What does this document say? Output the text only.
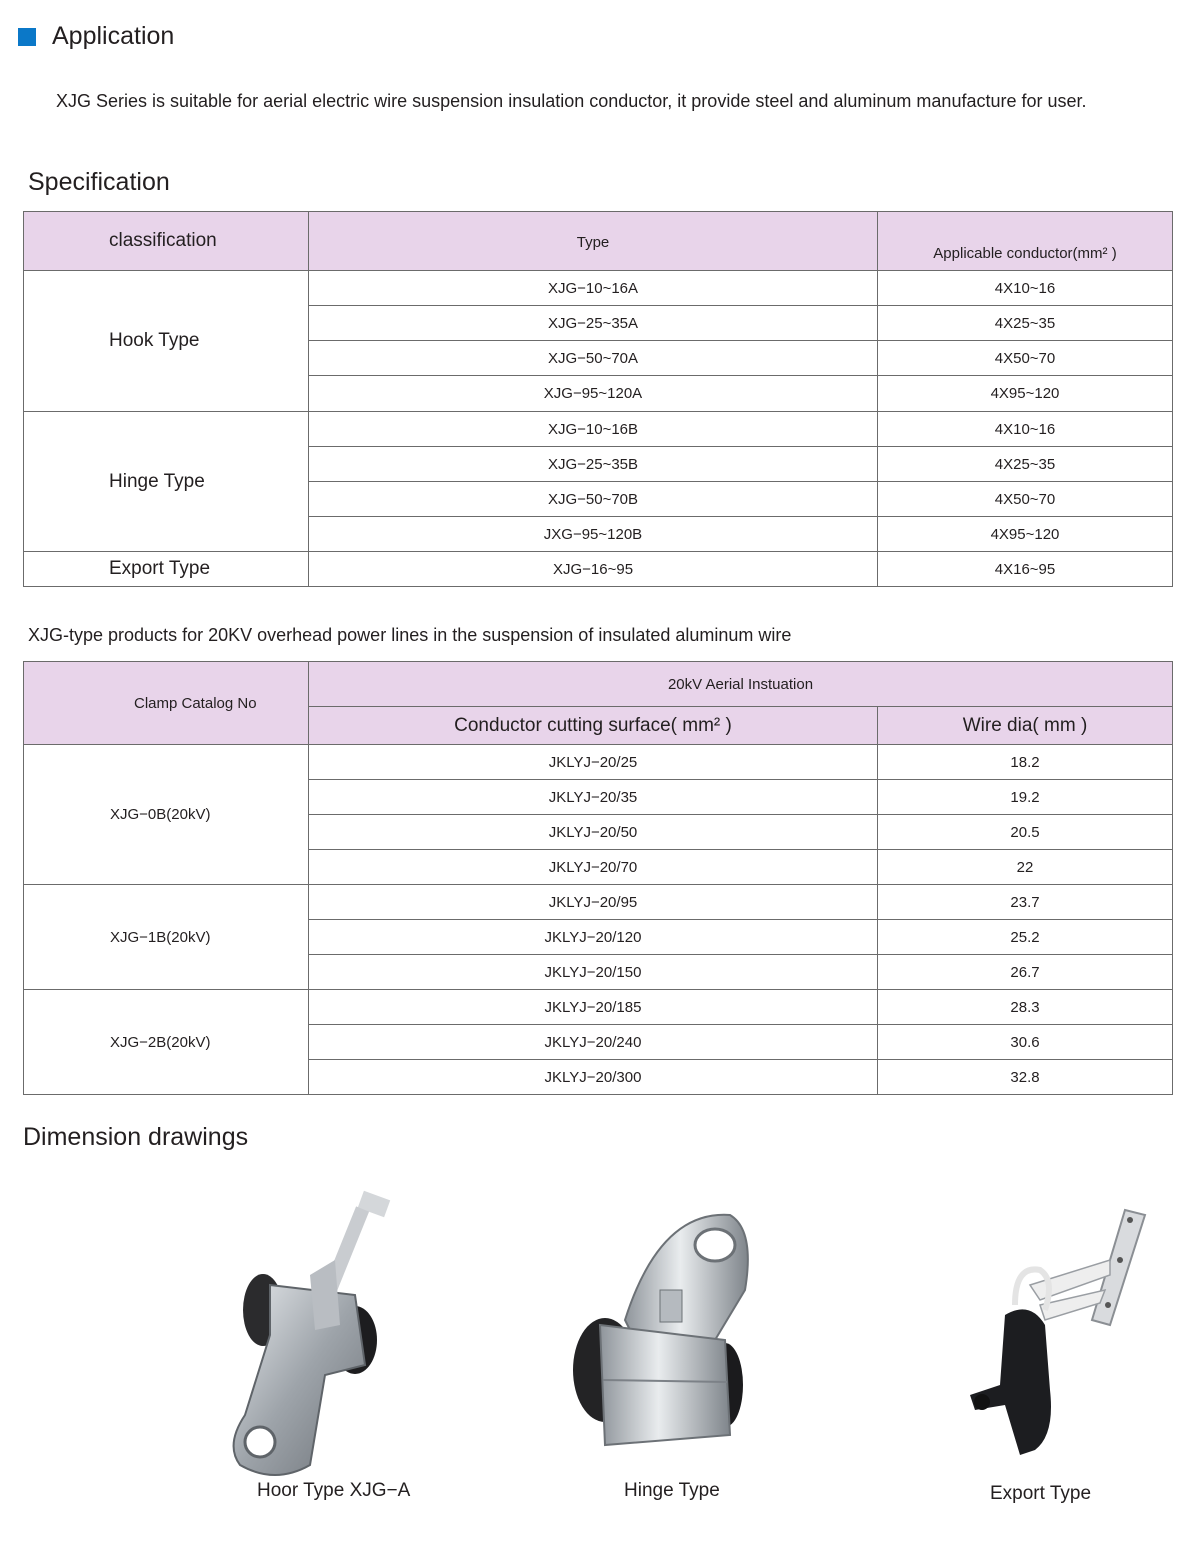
Application
XJG Series is suitable for aerial electric wire suspension insulation conductor, it provide steel and aluminum manufacture for user.
Specification
classification	Type	Applicable conductor(mm² )
Hook Type	XJG−10~16A	4X10~16
	XJG−25~35A	4X25~35
	XJG−50~70A	4X50~70
	XJG−95~120A	4X95~120
Hinge Type	XJG−10~16B	4X10~16
	XJG−25~35B	4X25~35
	XJG−50~70B	4X50~70
	JXG−95~120B	4X95~120
Export Type	XJG−16~95	4X16~95
XJG-type products for 20KV overhead power lines in the suspension of insulated aluminum wire
Clamp Catalog No	20kV Aerial Instuation	
	Conductor cutting surface( mm² )	Wire dia( mm )
XJG−0B(20kV)	JKLYJ−20/25	18.2
	JKLYJ−20/35	19.2
	JKLYJ−20/50	20.5
	JKLYJ−20/70	22
XJG−1B(20kV)	JKLYJ−20/95	23.7
	JKLYJ−20/120	25.2
	JKLYJ−20/150	26.7
XJG−2B(20kV)	JKLYJ−20/185	28.3
	JKLYJ−20/240	30.6
	JKLYJ−20/300	32.8
Dimension drawings
Hoor Type XJG−A	Hinge Type	Export Type
